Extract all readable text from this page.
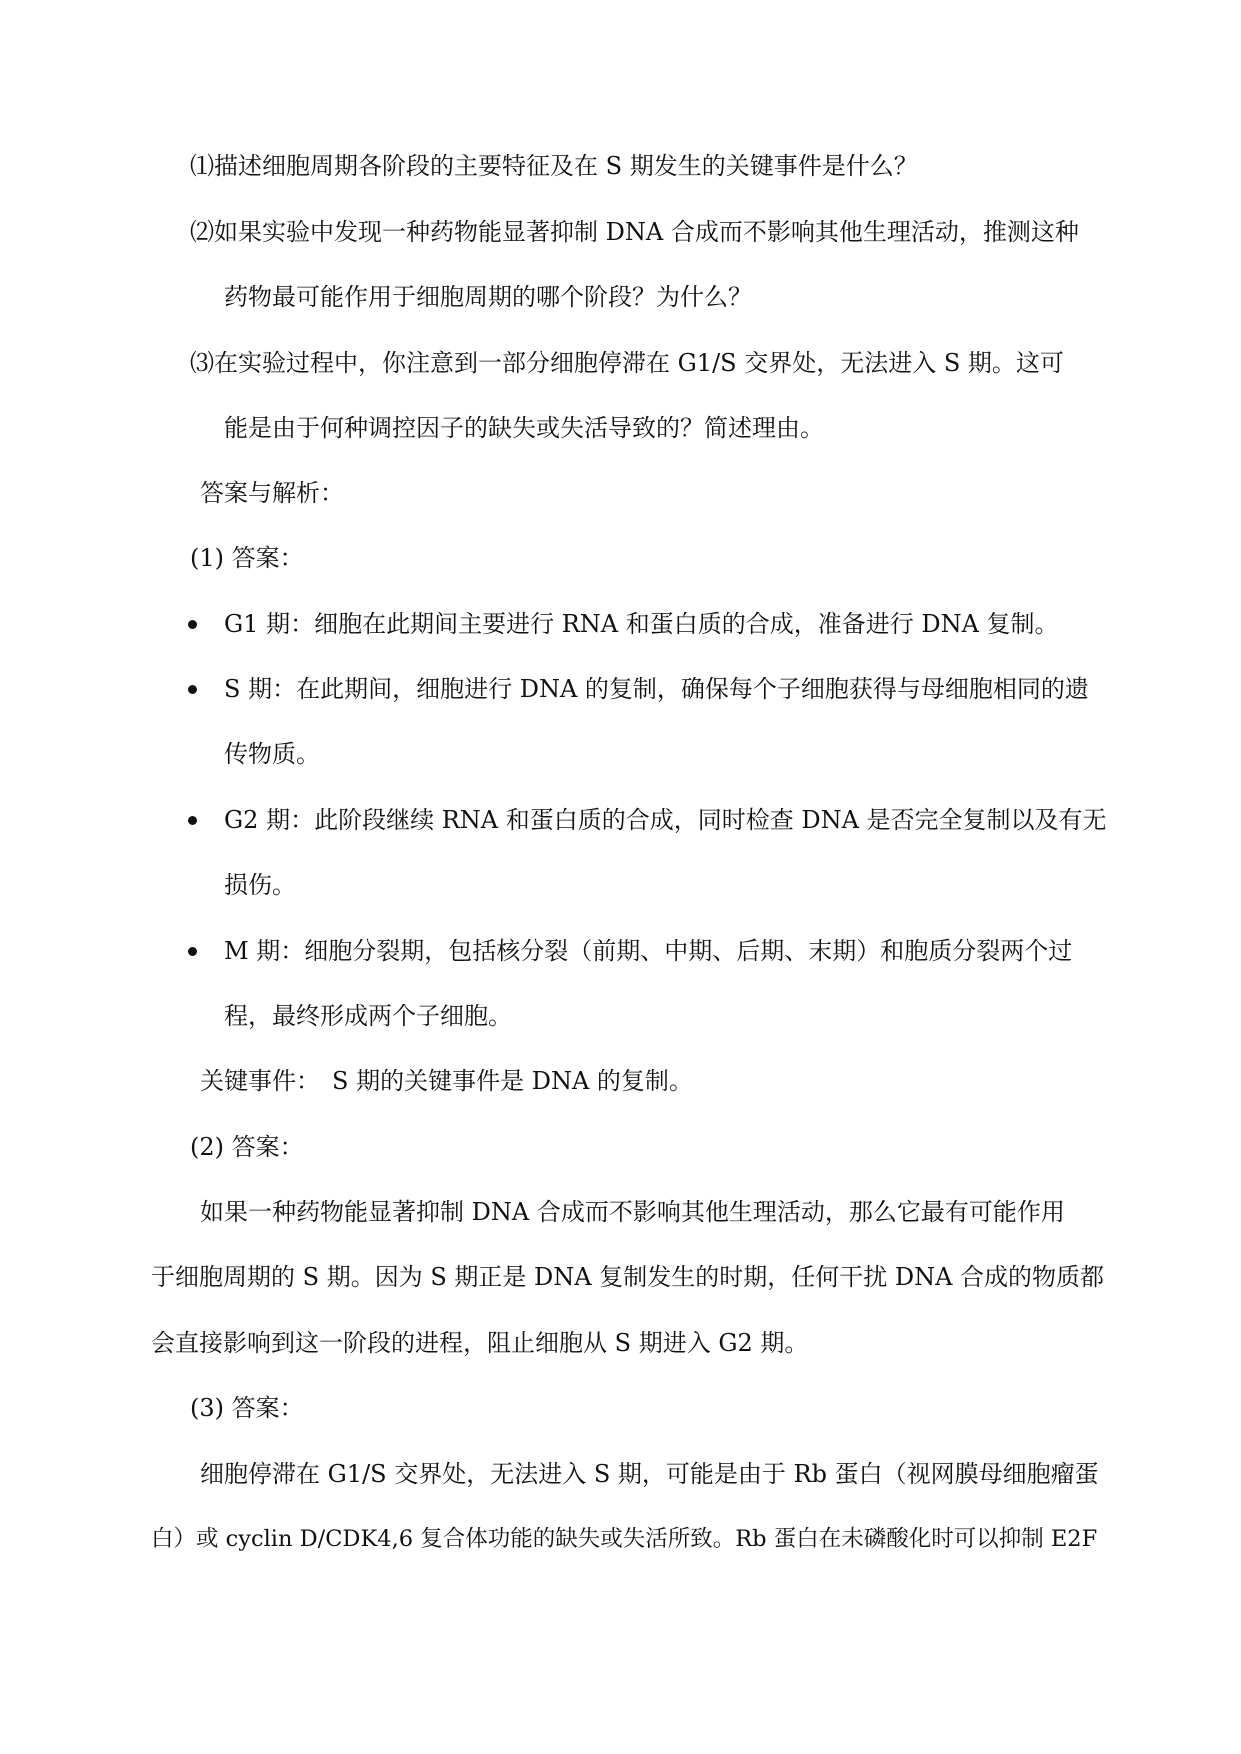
⑴描述细胞周期各阶段的主要特征及在 S 期发生的关键事件是什么？
⑵如果实验中发现一种药物能显著抑制 DNA 合成而不影响其他生理活动，推测这种
药物最可能作用于细胞周期的哪个阶段？为什么？
⑶在实验过程中，你注意到一部分细胞停滞在 G1/S 交界处，无法进入 S 期。这可
能是由于何种调控因子的缺失或失活导致的？简述理由。
答案与解析：
(1) 答案：
G1 期：细胞在此期间主要进行 RNA 和蛋白质的合成，准备进行 DNA 复制。
S 期：在此期间，细胞进行 DNA 的复制，确保每个子细胞获得与母细胞相同的遗
传物质。
G2 期：此阶段继续 RNA 和蛋白质的合成，同时检查 DNA 是否完全复制以及有无
损伤。
M 期：细胞分裂期，包括核分裂（前期、中期、后期、末期）和胞质分裂两个过
程，最终形成两个子细胞。
关键事件：　S 期的关键事件是 DNA 的复制。
(2) 答案：
如果一种药物能显著抑制 DNA 合成而不影响其他生理活动，那么它最有可能作用
于细胞周期的 S 期。因为 S 期正是 DNA 复制发生的时期，任何干扰 DNA 合成的物质都
会直接影响到这一阶段的进程，阻止细胞从 S 期进入 G2 期。
(3) 答案：
细胞停滞在 G1/S 交界处，无法进入 S 期，可能是由于 Rb 蛋白（视网膜母细胞瘤蛋
白）或 cyclin D/CDK4,6 复合体功能的缺失或失活所致。Rb 蛋白在未磷酸化时可以抑制 E2F
